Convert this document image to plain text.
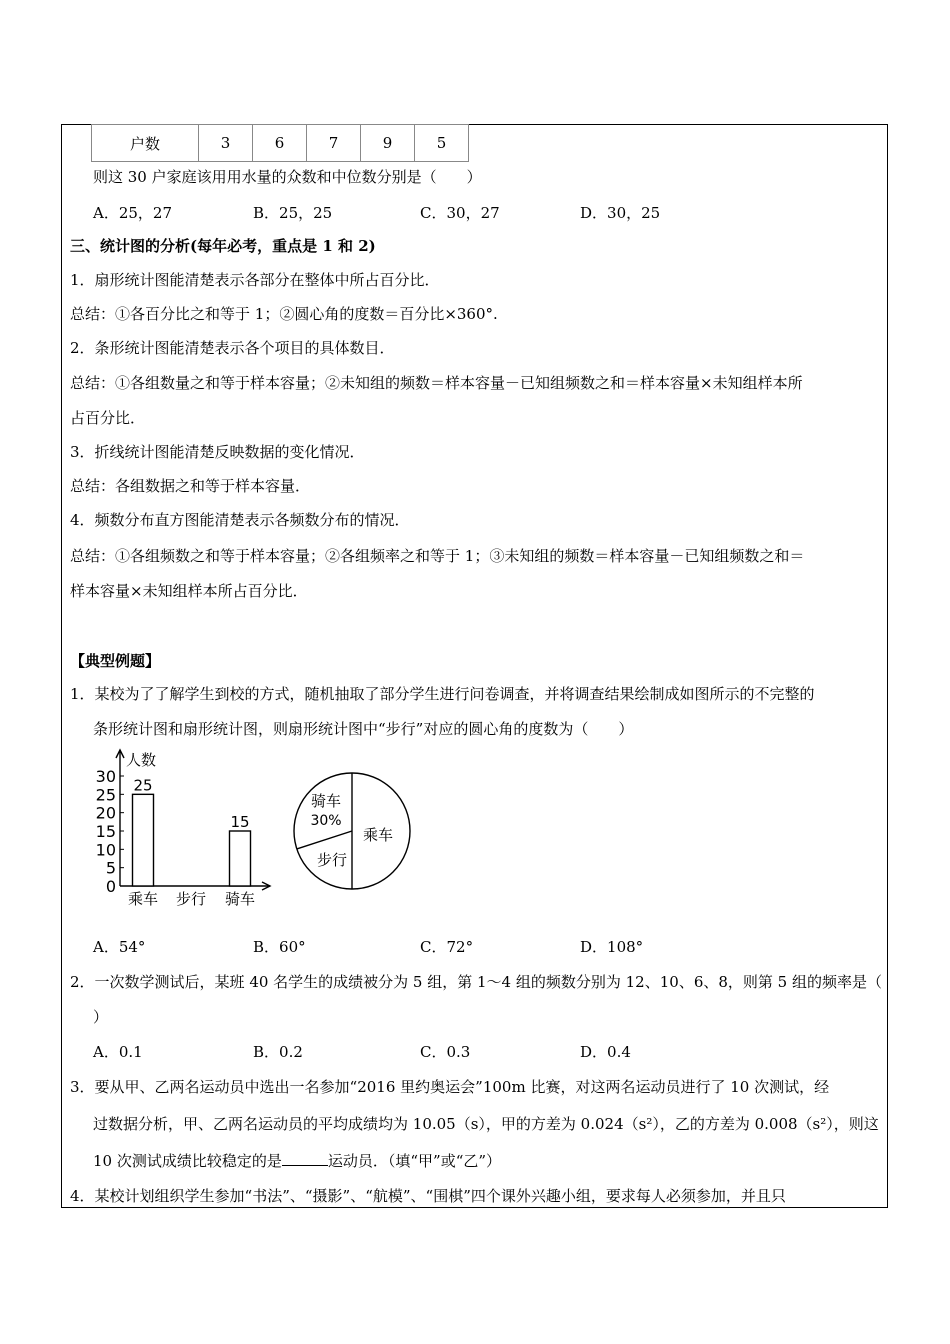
户数	3	6	7	9	5
则这 30 户家庭该用用水量的众数和中位数分别是（　　）
A．25，27	B．25，25	C．30，27	D．30，25
三、统计图的分析(每年必考，重点是 1 和 2)
1．扇形统计图能清楚表示各部分在整体中所占百分比．
总结：①各百分比之和等于 1；②圆心角的度数＝百分比×360°.
2．条形统计图能清楚表示各个项目的具体数目．
总结：①各组数量之和等于样本容量；②未知组的频数＝样本容量－已知组频数之和＝样本容量×未知组样本所
占百分比．
3．折线统计图能清楚反映数据的变化情况．
总结：各组数据之和等于样本容量．
4．频数分布直方图能清楚表示各频数分布的情况．
总结：①各组频数之和等于样本容量；②各组频率之和等于 1；③未知组的频数＝样本容量－已知组频数之和＝
样本容量×未知组样本所占百分比．
【典型例题】
1．某校为了了解学生到校的方式，随机抽取了部分学生进行问卷调查，并将调查结果绘制成如图所示的不完整的
条形统计图和扇形统计图，则扇形统计图中“步行”对应的圆心角的度数为（　　）
人数
0
5
10
15
20
25
30
乘车
25
步行 骑车
15
乘车
步行
骑车
30%
A．54°	B．60°	C．72°	D．108°
2．一次数学测试后，某班 40 名学生的成绩被分为 5 组，第 1～4 组的频数分别为 12、10、6、8，则第 5 组的频率是（
）
A．0.1	B．0.2	C．0.3	D．0.4
3．要从甲、乙两名运动员中选出一名参加“2016 里约奥运会”100m 比赛，对这两名运动员进行了 10 次测试，经
过数据分析，甲、乙两名运动员的平均成绩均为 10.05（s），甲的方差为 0.024（s²），乙的方差为 0.008（s²），则这
10 次测试成绩比较稳定的是	运动员．（填“甲”或“乙”）
4．某校计划组织学生参加“书法”、“摄影”、“航模”、“围棋”四个课外兴趣小组，要求每人必须参加，并且只
